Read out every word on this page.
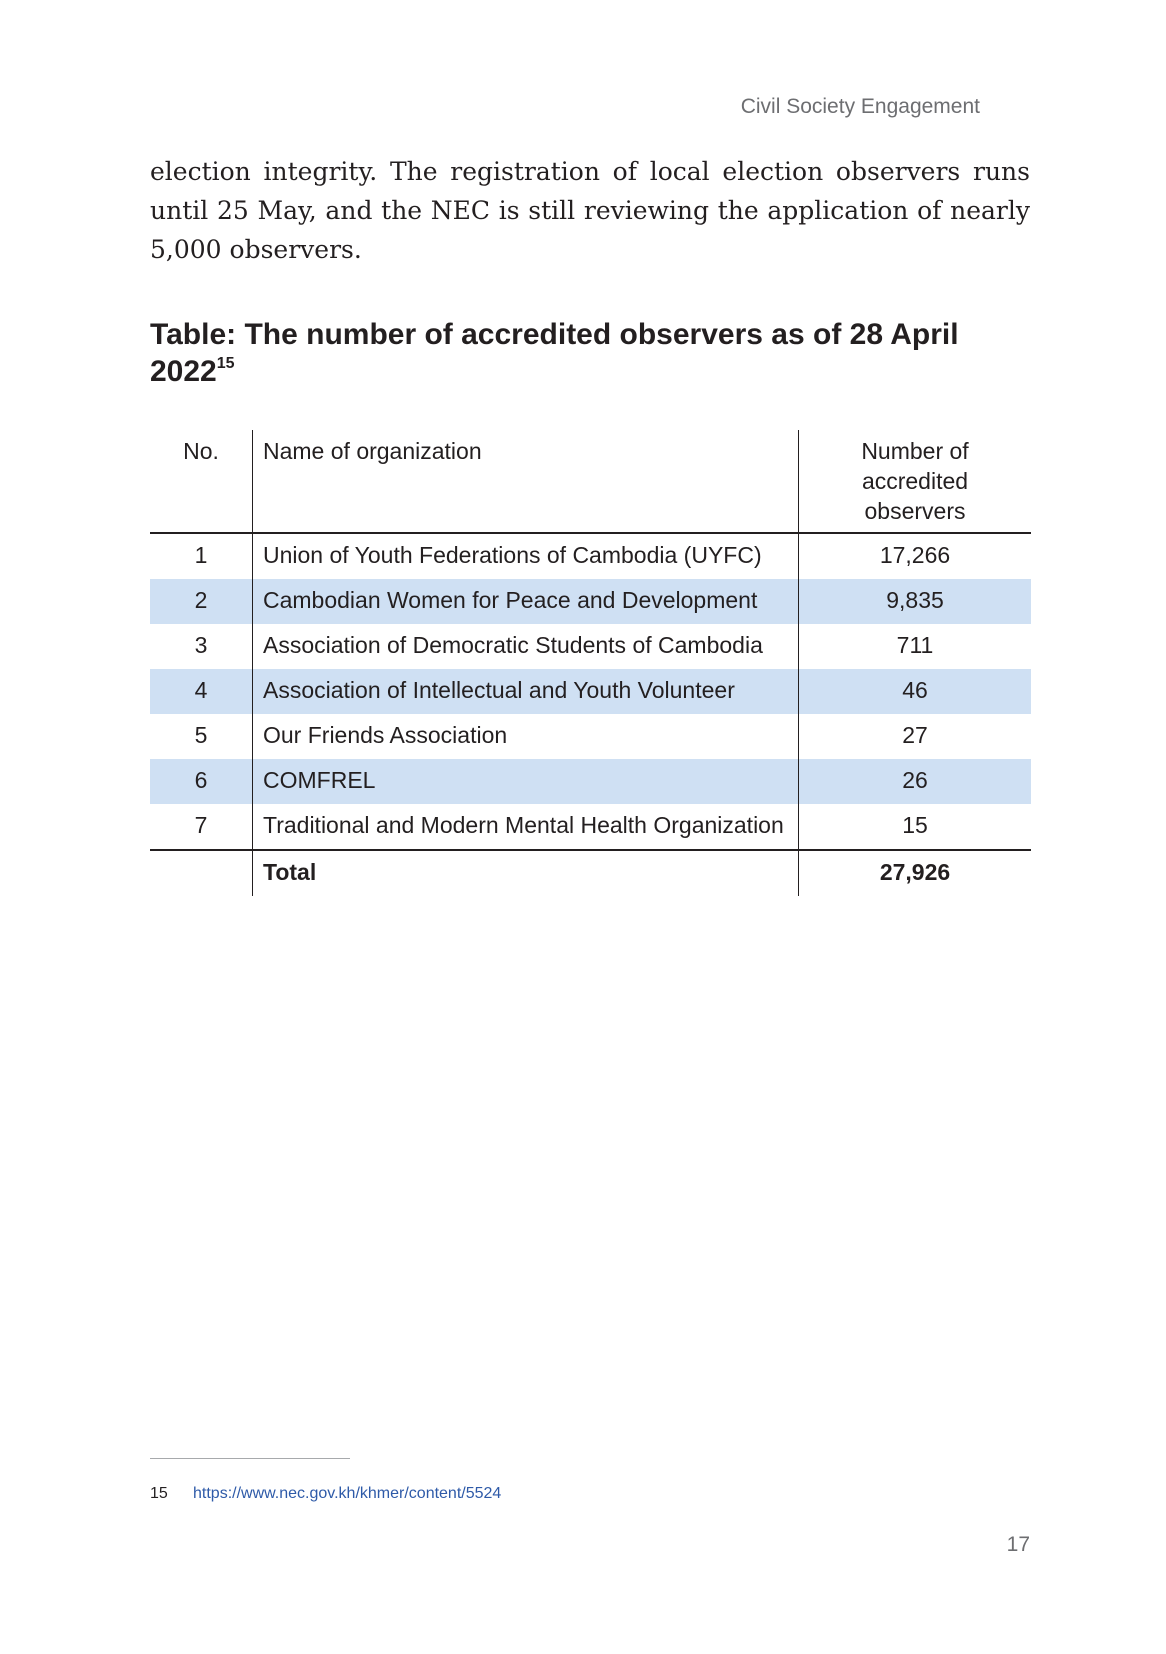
Civil Society Engagement

election integrity. The registration of local election observers runs until 25 May, and the NEC is still reviewing the application of nearly 5,000 observers.

Table: The number of accredited observers as of 28 April 2022$^{15}$
No.	Name of organization	Number of accredited observers
1	Union of Youth Federations of Cambodia (UYFC)	17,266
2	Cambodian Women for Peace and Development	9,835
3	Association of Democratic Students of Cambodia	711
4	Association of Intellectual and Youth Volunteer	46
5	Our Friends Association	27
6	COMFREL	26
7	Traditional and Modern Mental Health Organization	15
	Total	27,926
15 https://www.nec.gov.kh/khmer/content/5524
17
